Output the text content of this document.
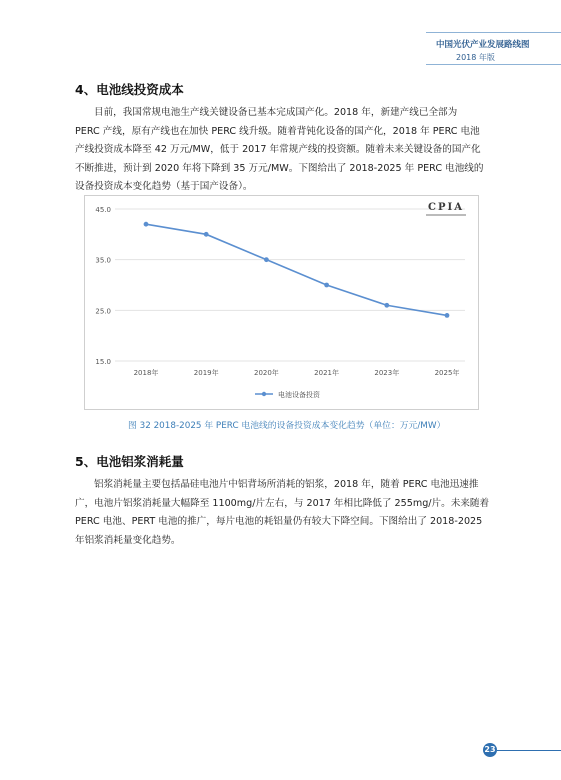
中国光伏产业发展路线图
2018 年版
4、电池线投资成本
目前，我国常规电池生产线关键设备已基本完成国产化。2018 年，新建产线已全部为
PERC 产线，原有产线也在加快 PERC 线升级。随着背钝化设备的国产化，2018 年 PERC 电池
产线投资成本降至 42 万元/MW，低于 2017 年常规产线的投资额。随着未来关键设备的国产化
不断推进，预计到 2020 年将下降到 35 万元/MW。下图给出了 2018-2025 年 PERC 电池线的
设备投资成本变化趋势（基于国产设备）。
15.0
25.0
35.0
45.0
2018年	2019年	2020年	2021年	2023年	2025年
电池设备投资
CPIA
图 32 2018-2025 年 PERC 电池线的设备投资成本变化趋势（单位：万元/MW）
5、电池铝浆消耗量
铝浆消耗量主要包括晶硅电池片中铝背场所消耗的铝浆，2018 年，随着 PERC 电池迅速推
广，电池片铝浆消耗量大幅降至 1100mg/片左右，与 2017 年相比降低了 255mg/片。未来随着
PERC 电池、PERT 电池的推广，每片电池的耗铝量仍有较大下降空间。下图给出了 2018-2025
年铝浆消耗量变化趋势。
23
